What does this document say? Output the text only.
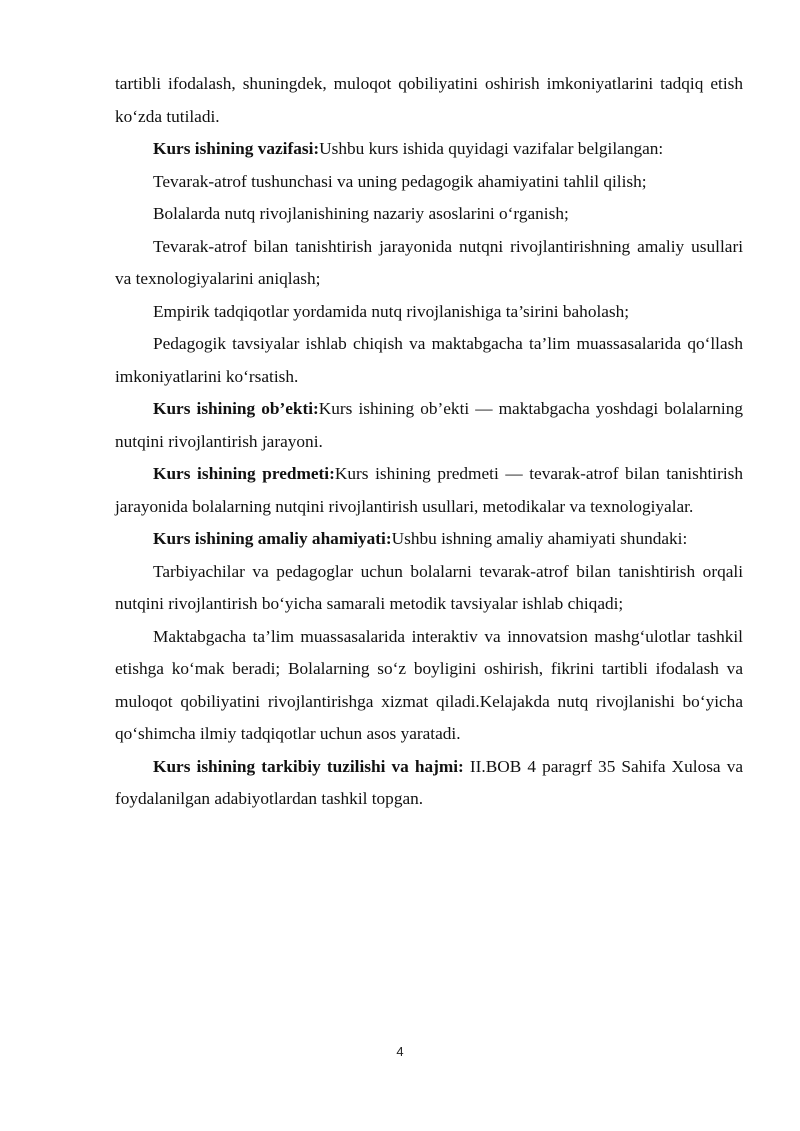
tartibli ifodalash, shuningdek, muloqot qobiliyatini oshirish imkoniyatlarini tadqiq etish ko‘zda tutiladi.

Kurs ishining vazifasi:Ushbu kurs ishida quyidagi vazifalar belgilangan:

Tevarak-atrof tushunchasi va uning pedagogik ahamiyatini tahlil qilish;

Bolalarda nutq rivojlanishining nazariy asoslarini o‘rganish;

Tevarak-atrof bilan tanishtirish jarayonida nutqni rivojlantirishning amaliy usullari va texnologiyalarini aniqlash;

Empirik tadqiqotlar yordamida nutq rivojlanishiga ta’sirini baholash;

Pedagogik tavsiyalar ishlab chiqish va maktabgacha ta’lim muassasalarida qo‘llash imkoniyatlarini ko‘rsatish.

Kurs ishining ob’ekti:Kurs ishining ob’ekti — maktabgacha yoshdagi bolalarning nutqini rivojlantirish jarayoni.

Kurs ishining predmeti:Kurs ishining predmeti — tevarak-atrof bilan tanishtirish jarayonida bolalarning nutqini rivojlantirish usullari, metodikalar va texnologiyalar.

Kurs ishining amaliy ahamiyati:Ushbu ishning amaliy ahamiyati shundaki:

Tarbiyachilar va pedagoglar uchun bolalarni tevarak-atrof bilan tanishtirish orqali nutqini rivojlantirish bo‘yicha samarali metodik tavsiyalar ishlab chiqadi;

Maktabgacha ta’lim muassasalarida interaktiv va innovatsion mashg‘ulotlar tashkil etishga ko‘mak beradi; Bolalarning so‘z boyligini oshirish, fikrini tartibli ifodalash va muloqot qobiliyatini rivojlantirishga xizmat qiladi.Kelajakda nutq rivojlanishi bo‘yicha qo‘shimcha ilmiy tadqiqotlar uchun asos yaratadi.

Kurs ishining tarkibiy tuzilishi va hajmi: II.BOB 4 paragrf 35 Sahifa Xulosa va foydalanilgan adabiyotlardan tashkil topgan.

4
